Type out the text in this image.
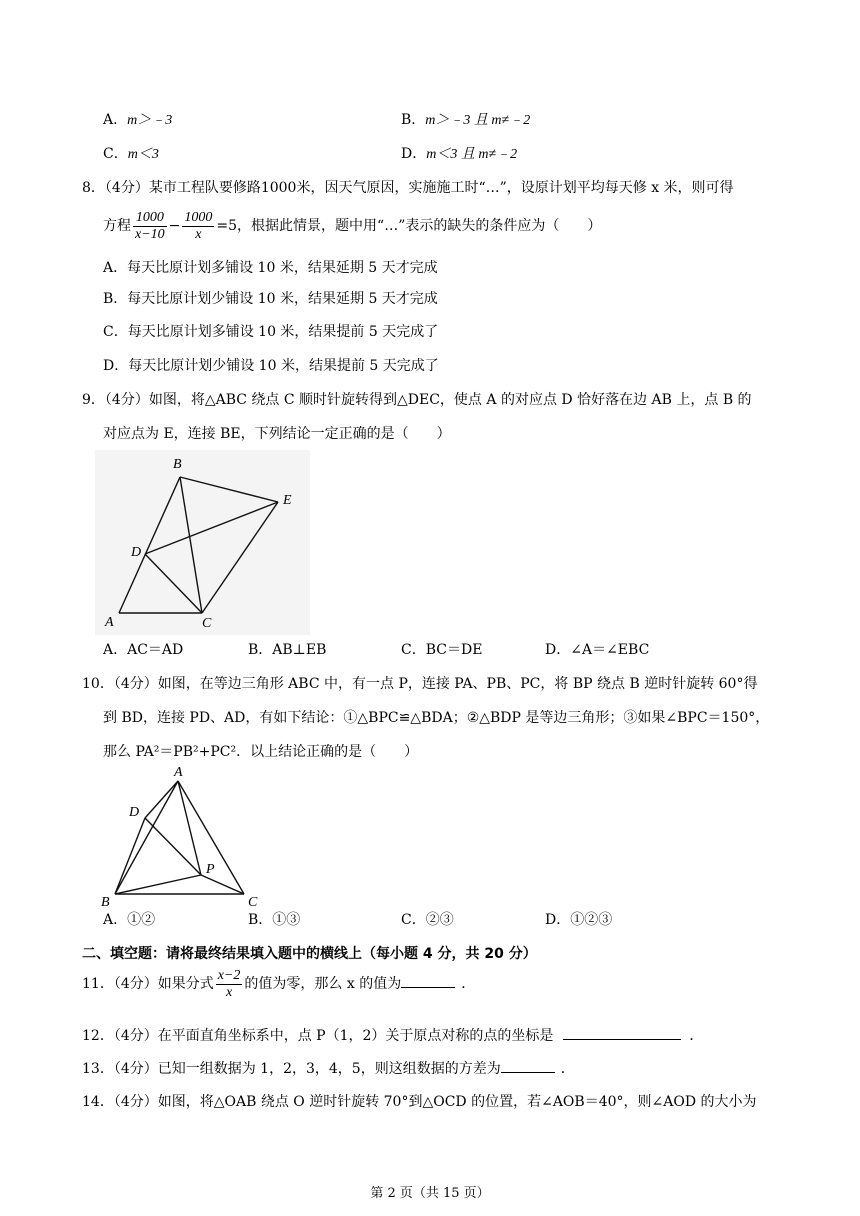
A．m＞﹣3	B．m＞﹣3 且 m≠﹣2
C．m＜3	D．m＜3 且 m≠﹣2
8．（4分）某市工程队要修路1000米，因天气原因，实施施工时“…”，设原计划平均每天修 x 米，则可得
方程 $\frac{1000}{x-10} - \frac{1000}{x} =5$，根据此情景，题中用“…”表示的缺失的条件应为（　　）
A．每天比原计划多铺设 10 米，结果延期 5 天才完成
B．每天比原计划少铺设 10 米，结果延期 5 天才完成
C．每天比原计划多铺设 10 米，结果提前 5 天完成了
D．每天比原计划少铺设 10 米，结果提前 5 天完成了
9．（4分）如图，将△ABC 绕点 C 顺时针旋转得到△DEC，使点 A 的对应点 D 恰好落在边 AB 上，点 B 的
对应点为 E，连接 BE，下列结论一定正确的是（　　）
B
E
D
A	C
A．AC＝AD	B．AB⊥EB	C．BC＝DE	D．∠A＝∠EBC
10．（4分）如图，在等边三角形 ABC 中，有一点 P，连接 PA、PB、PC，将 BP 绕点 B 逆时针旋转 60°得
到 BD，连接 PD、AD，有如下结论：①△BPC≌△BDA；②△BDP 是等边三角形；③如果∠BPC＝150°，
那么 PA²＝PB²+PC²．以上结论正确的是（　　）
A
D
P
B	C
A．①②	B．①③	C．②③	D．①②③
二、填空题：请将最终结果填入题中的横线上（每小题 4 分，共 20 分）
11．（4分）如果分式 $\frac{x-2}{x}$ 的值为零，那么 x 的值为	．
12．（4分）在平面直角坐标系中，点 P（1，2）关于原点对称的点的坐标是	．
13．（4分）已知一组数据为 1，2，3，4，5，则这组数据的方差为	．
14．（4分）如图，将△OAB 绕点 O 逆时针旋转 70°到△OCD 的位置，若∠AOB＝40°，则∠AOD 的大小为
第 2 页（共 15 页）
